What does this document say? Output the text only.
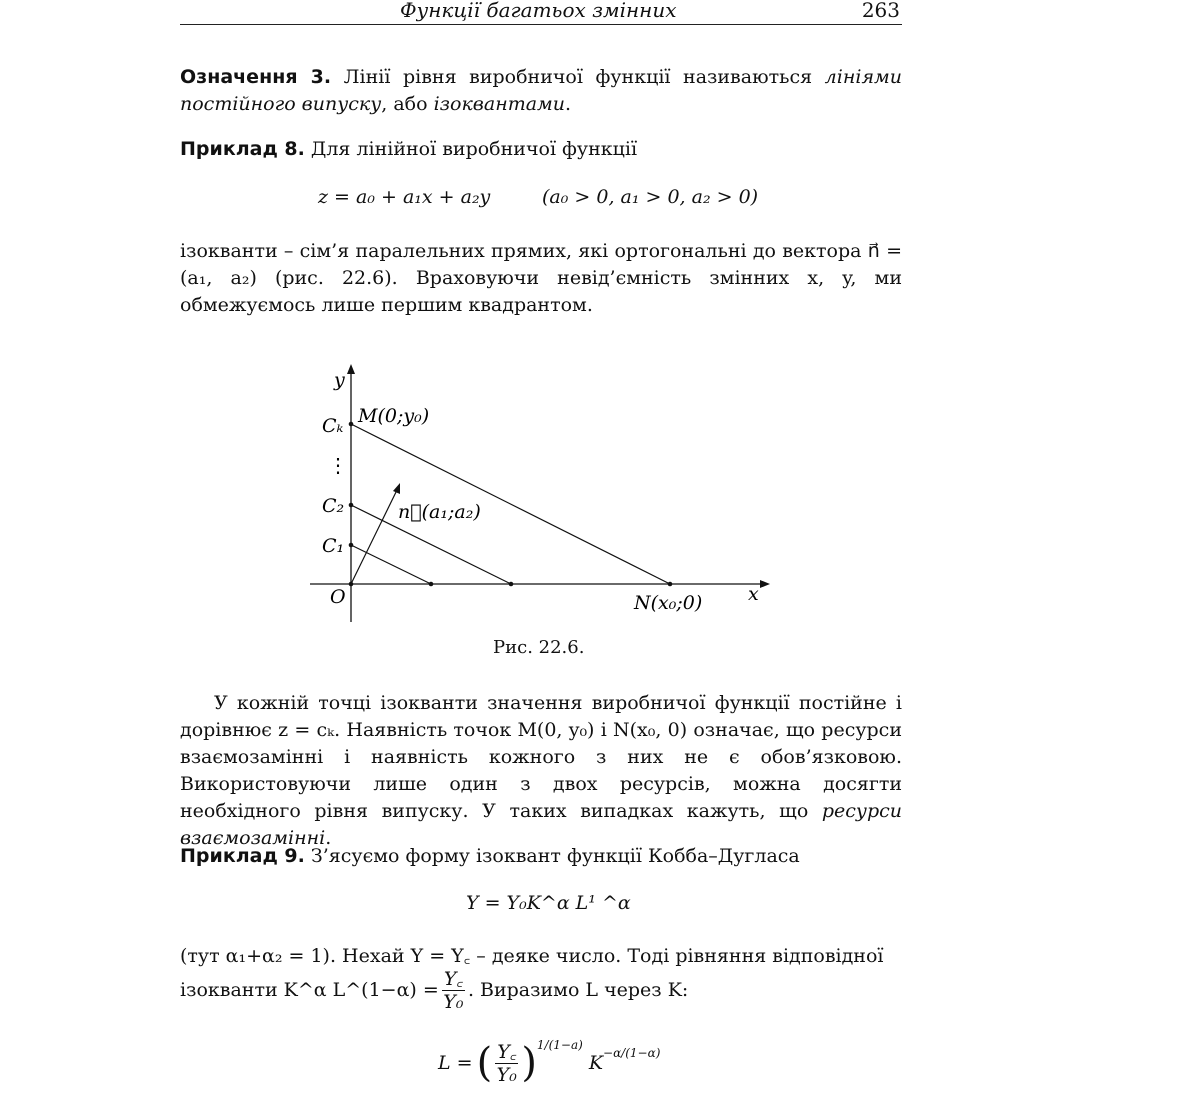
Функції багатьох змінних	263
Означення 3. Лінії рівня виробничої функції називаються лініями постійного випуску, або ізоквантами.
Приклад 8. Для лінійної виробничої функції
z = a₀ + a₁x + a₂y	(a₀ > 0, a₁ > 0, a₂ > 0)
ізокванти – сім’я паралельних прямих, які ортогональні до вектора n⃗ = (a₁, a₂) (рис. 22.6). Враховуючи невід’ємність змінних x, y, ми обмежуємось лише першим квадрантом.
y
x
O
Cₖ
⋮
C₂
C₁
M(0;y₀)
n⃗(a₁;a₂)
N(x₀;0)
Рис. 22.6.
У кожній точці ізокванти значення виробничої функції постійне і дорівнює z = cₖ. Наявність точок M(0, y₀) і N(x₀, 0) означає, що ресурси взаємозамінні і наявність кожного з них не є обов’язковою. Використовуючи лише один з двох ресурсів, можна досягти необхідного рівня випуску. У таких випадках кажуть, що ресурси взаємозамінні.
Приклад 9. З’ясуємо форму ізоквант функції Кобба–Дугласа
Y = Y₀K^α L¹ ^α
(тут α₁+α₂ = 1). Нехай Y = Y꜀ – деяке число. Тоді рівняння відповідної
ізокванти K^α L^(1−α) = $\frac{Y꜀}{\text{Y₀}}$ . Виразимо L через K:
L = ( $\frac{Y꜀}{\text{Y₀}} )^{1/(1-a)}$
$K^{-\alpha/(1-\alpha)}$
